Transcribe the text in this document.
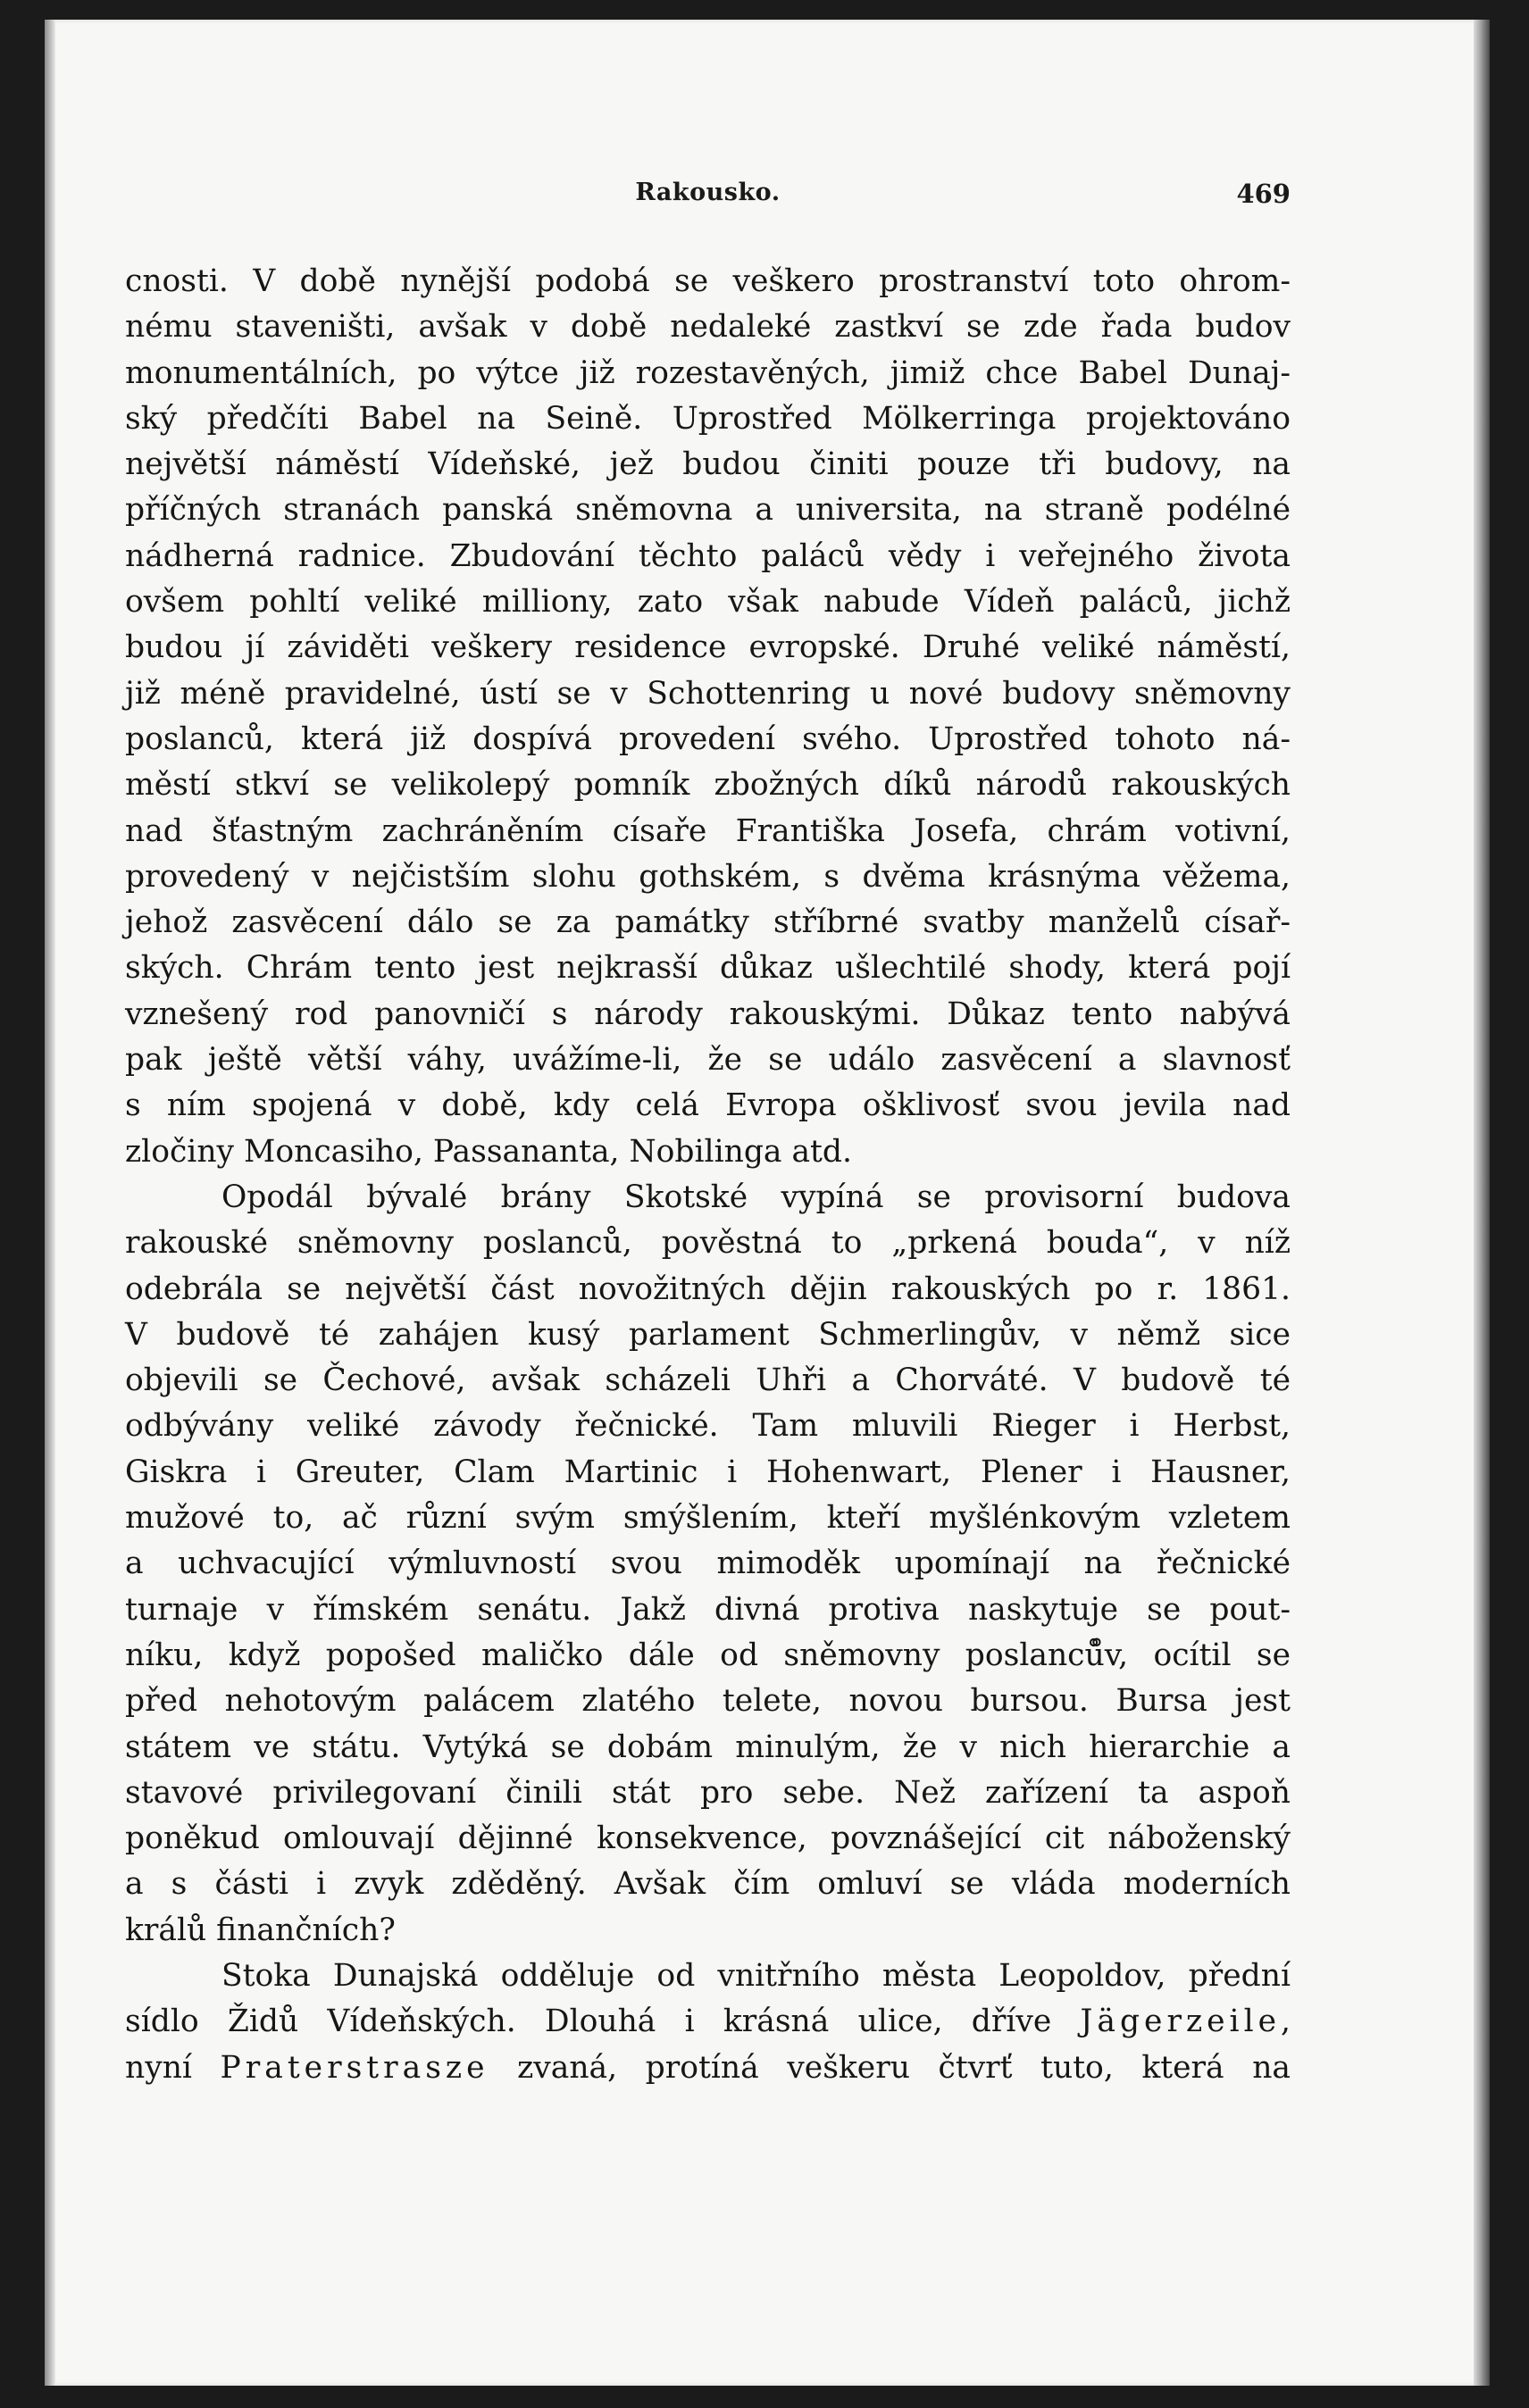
Rakousko.	469
cnosti. V době nynější podobá se veškero prostranství toto ohrom-
nému staveništi, avšak v době nedaleké zastkví se zde řada budov
monumentálních, po výtce již rozestavěných, jimiž chce Babel Dunaj-
ský předčíti Babel na Seině. Uprostřed Mölkerringa projektováno
největší náměstí Vídeňské, jež budou činiti pouze tři budovy, na
příčných stranách panská sněmovna a universita, na straně podélné
nádherná radnice. Zbudování těchto paláců vědy i veřejného života
ovšem pohltí veliké milliony, zato však nabude Vídeň paláců, jichž
budou jí záviděti veškery residence evropské. Druhé veliké náměstí,
již méně pravidelné, ústí se v Schottenring u nové budovy sněmovny
poslanců, která již dospívá provedení svého. Uprostřed tohoto ná-
městí stkví se velikolepý pomník zbožných díků národů rakouských
nad šťastným zachráněním císaře Františka Josefa, chrám votivní,
provedený v nejčistším slohu gothském, s dvěma krásnýma věžema,
jehož zasvěcení dálo se za památky stříbrné svatby manželů císař-
ských. Chrám tento jest nejkrasší důkaz ušlechtilé shody, která pojí
vznešený rod panovničí s národy rakouskými. Důkaz tento nabývá
pak ještě větší váhy, uvážíme-li, že se událo zasvěcení a slavnosť
s ním spojená v době, kdy celá Evropa ošklivosť svou jevila nad
zločiny Moncasiho, Passananta, Nobilinga atd.
Opodál bývalé brány Skotské vypíná se provisorní budova
rakouské sněmovny poslanců, pověstná to „prkená bouda“, v níž
odebrála se největší část novožitných dějin rakouských po r. 1861.
V budově té zahájen kusý parlament Schmerlingův, v němž sice
objevili se Čechové, avšak scházeli Uhři a Chorváté. V budově té
odbývány veliké závody řečnické. Tam mluvili Rieger i Herbst,
Giskra i Greuter, Clam Martinic i Hohenwart, Plener i Hausner,
mužové to, ač různí svým smýšlením, kteří myšlénkovým vzletem
a uchvacující výmluvností svou mimoděk upomínají na řečnické
turnaje v římském senátu. Jakž divná protiva naskytuje se pout-
níku, když popošed maličko dále od sněmovny poslanců̊v, ocítil se
před nehotovým palácem zlatého telete, novou bursou. Bursa jest
státem ve státu. Vytýká se dobám minulým, že v nich hierarchie a
stavové privilegovaní činili stát pro sebe. Než zařízení ta aspoň
poněkud omlouvají dějinné konsekvence, povznášející cit náboženský
a s části i zvyk zděděný. Avšak čím omluví se vláda moderních
králů finančních?
Stoka Dunajská odděluje od vnitřního města Leopoldov, přední
sídlo Židů Vídeňských. Dlouhá i krásná ulice, dříve Jägerzeile,
nyní Praterstrasze zvaná, protíná veškeru čtvrť tuto, která na
